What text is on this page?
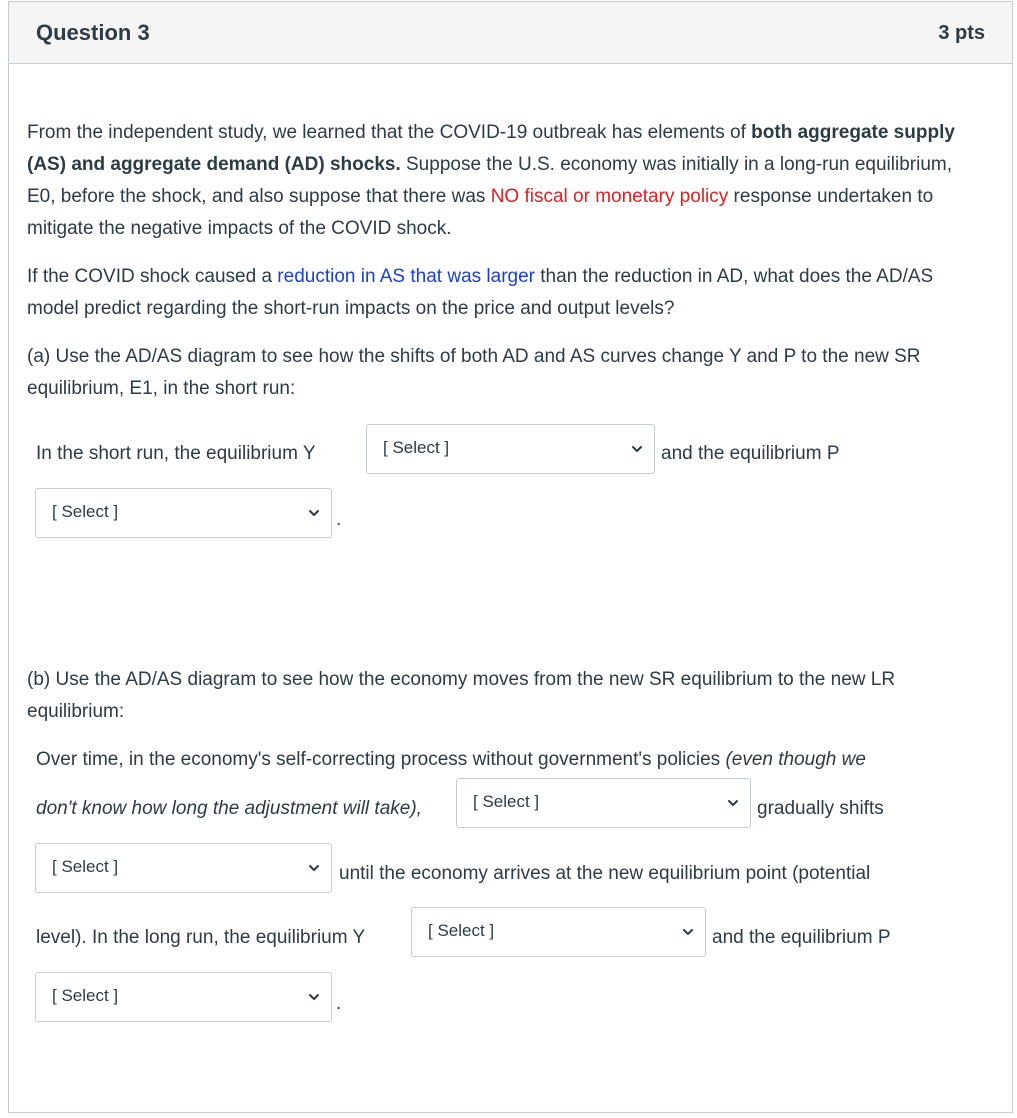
Question 3	3 pts
From the independent study, we learned that the COVID-19 outbreak has elements of both aggregate supply (AS) and aggregate demand (AD) shocks. Suppose the U.S. economy was initially in a long-run equilibrium, E0, before the shock, and also suppose that there was NO fiscal or monetary policy response undertaken to mitigate the negative impacts of the COVID shock.
If the COVID shock caused a reduction in AS that was larger than the reduction in AD, what does the AD/AS model predict regarding the short-run impacts on the price and output levels?
(a) Use the AD/AS diagram to see how the shifts of both AD and AS curves change Y and P to the new SR equilibrium, E1, in the short run:
In the short run, the equilibrium Y	[ Select ]	and the equilibrium P
[ Select ]	.
(b) Use the AD/AS diagram to see how the economy moves from the new SR equilibrium to the new LR equilibrium:
Over time, in the economy's self-correcting process without government's policies (even though we
don't know how long the adjustment will take),	[ Select ]	gradually shifts
[ Select ]	until the economy arrives at the new equilibrium point (potential
level). In the long run, the equilibrium Y	[ Select ]	and the equilibrium P
[ Select ]	.
